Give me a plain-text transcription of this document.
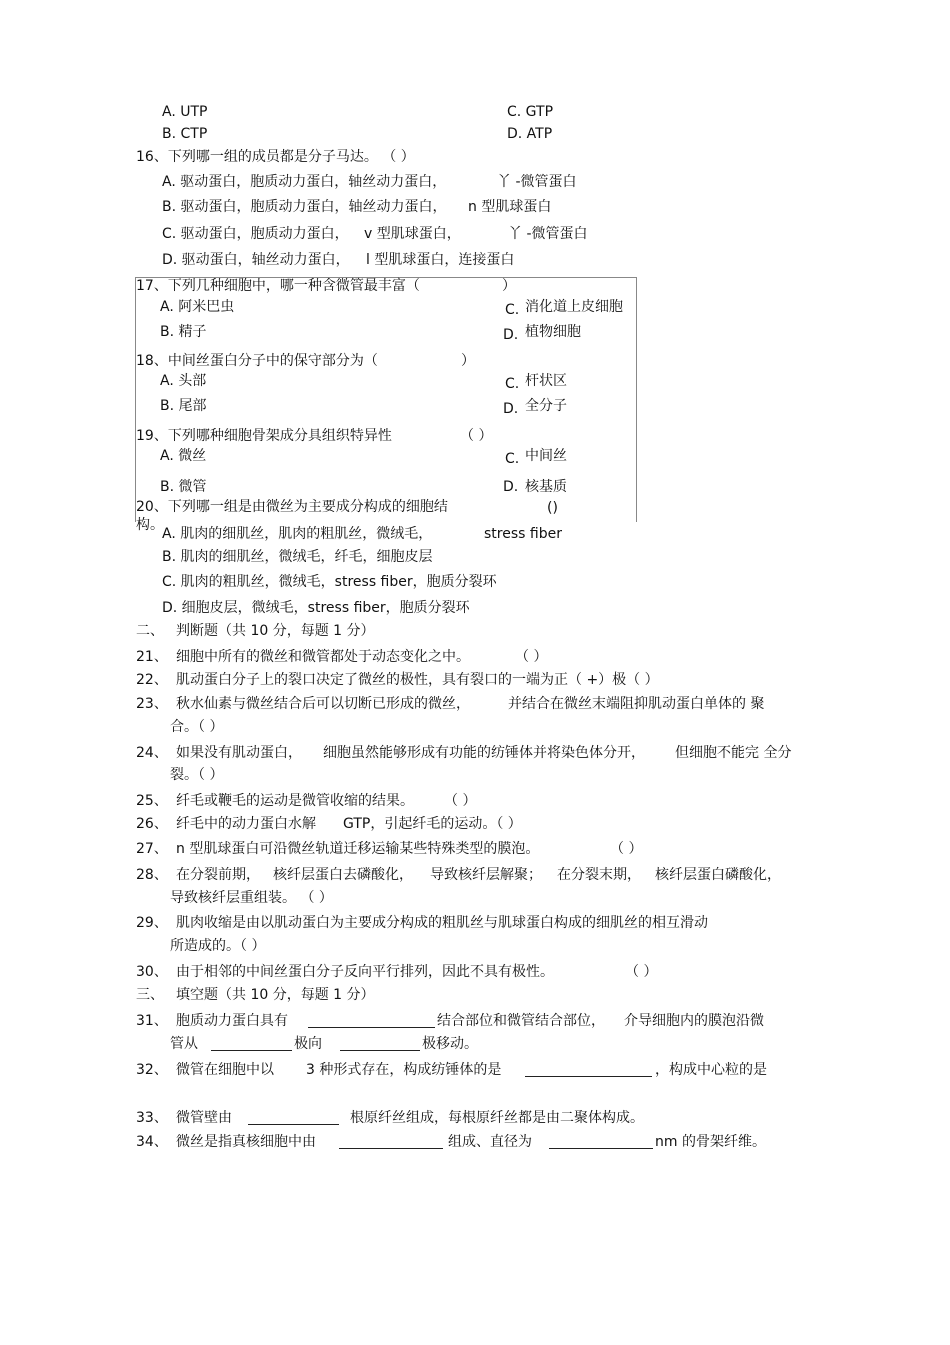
A. UTP	C. GTP
B. CTP	D. ATP
16、下列哪一组的成员都是分子马达。 （ ）
A. 驱动蛋白，胞质动力蛋白，轴丝动力蛋白，	丫 -微管蛋白
B. 驱动蛋白，胞质动力蛋白，轴丝动力蛋白， n 型肌球蛋白
C. 驱动蛋白，胞质动力蛋白， v 型肌球蛋白，	丫 -微管蛋白
D. 驱动蛋白，轴丝动力蛋白， l 型肌球蛋白，连接蛋白
17、下列几种细胞中，哪一种含微管最丰富（	）
A. 阿米巴虫	C. 消化道上皮细胞
B. 精子	D. 植物细胞
18、中间丝蛋白分子中的保守部分为（	）
A. 头部	C. 杆状区
B. 尾部	D. 全分子
19、下列哪种细胞骨架成分具组织特异性	（ ）
A. 微丝	C. 中间丝
B. 微管	D. 核基质
20、下列哪一组是由微丝为主要成分构成的细胞结	()
构。
A. 肌肉的细肌丝，肌肉的粗肌丝，微绒毛，	stress fiber
B. 肌肉的细肌丝，微绒毛，纤毛，细胞皮层
C. 肌肉的粗肌丝，微绒毛，stress fiber，胞质分裂环
D. 细胞皮层，微绒毛，stress fiber，胞质分裂环
二、 判断题（共 10 分，每题 1 分）
21、 细胞中所有的微丝和微管都处于动态变化之中。	（ ）
22、 肌动蛋白分子上的裂口决定了微丝的极性，具有裂口的一端为正（ +）极（ ）
23、 秋水仙素与微丝结合后可以切断已形成的微丝，	并结合在微丝末端阻抑肌动蛋白单体的 聚
合。（ ）
24、 如果没有肌动蛋白， 细胞虽然能够形成有功能的纺锤体并将染色体分开， 但细胞不能完 全分
裂。（ ）
25、 纤毛或鞭毛的运动是微管收缩的结果。 （ ）
26、 纤毛中的动力蛋白水解 GTP，引起纤毛的运动。（ ）
27、 n 型肌球蛋白可沿微丝轨道迁移运输某些特殊类型的膜泡。	（ ）
28、 在分裂前期， 核纤层蛋白去磷酸化， 导致核纤层解聚； 在分裂末期， 核纤层蛋白磷酸化，
导致核纤层重组装。 （ ）
29、 肌肉收缩是由以肌动蛋白为主要成分构成的粗肌丝与肌球蛋白构成的细肌丝的相互滑动
所造成的。（ ）
30、 由于相邻的中间丝蛋白分子反向平行排列，因此不具有极性。	（ ）
三、 填空题（共 10 分，每题 1 分）
31、 胞质动力蛋白具有	结合部位和微管结合部位， 介导细胞内的膜泡沿微
管从	极向	极移动。
32、 微管在细胞中以 3 种形式存在，构成纺锤体的是	，构成中心粒的是
33、 微管壁由	根原纤丝组成，每根原纤丝都是由二聚体构成。
34、 微丝是指真核细胞中由	组成、直径为	nm 的骨架纤维。
